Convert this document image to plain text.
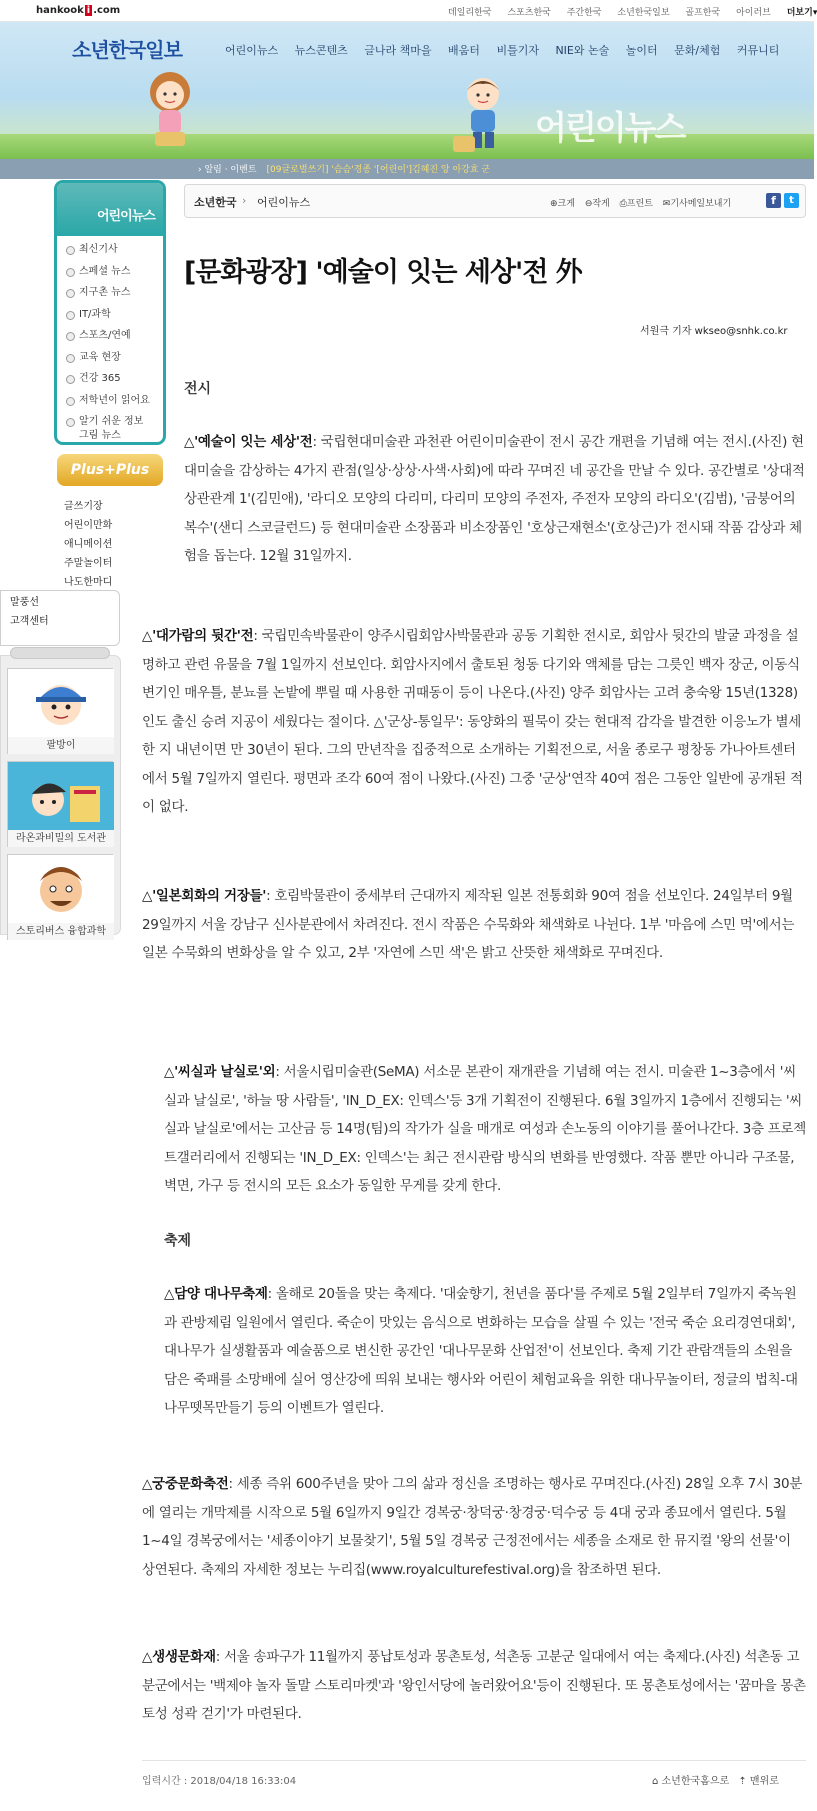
hankook i .com	데일리한국 스포츠한국 주간한국 소년한국일보 골프한국 아이러브 더보기▾
소년한국일보	어린이뉴스 뉴스콘텐츠 글나라 책마을 배움터 비틀기자 NIE와 논술 놀이터 문화/체험 커뮤니티
어린이뉴스
› 알림 · 이벤트 [09글로벌쓰기] '슴슴'경종 '[어린이']김혜진 앙 아강효 군
어린이뉴스
최신기사
스페셜 뉴스
지구촌 뉴스
IT/과학
스포츠/연예
교육 현장
건강 365
저학년이 읽어요
알기 쉬운 정보 그림 뉴스
Plus+Plus
글쓰기장
어린이만화
애니메이션
주말놀이터
나도한마디
말풍선
고객센터
팔방이
라온과비밀의 도서관
스토리버스 융합과학
소년한국 › 어린이뉴스	⊕크게 ⊖작게 ⎙프린트 ✉기사메일보내기	f	t
[문화광장] '예술이 잇는 세상'전 外
서원극 기자 wkseo@snhk.co.kr
전시

△'예술이 잇는 세상'전: 국립현대미술관 과천관 어린이미술관이 전시 공간 개편을 기념해 여는 전시.(사진) 현대미술을 감상하는 4가지 관점(일상·상상·사색·사회)에 따라 꾸며진 네 공간을 만날 수 있다. 공간별로 '상대적 상관관계 1'(김민애), '라디오 모양의 다리미, 다리미 모양의 주전자, 주전자 모양의 라디오'(김범), '금붕어의 복수'(샌디 스코글런드) 등 현대미술관 소장품과 비소장품인 '호상근재현소'(호상근)가 전시돼 작품 감상과 체험을 돕는다. 12월 31일까지.

△'대가람의 뒷간'전: 국립민속박물관이 양주시립회암사박물관과 공동 기획한 전시로, 회암사 뒷간의 발굴 과정을 설명하고 관련 유물을 7월 1일까지 선보인다. 회암사지에서 출토된 청동 다기와 액체를 담는 그릇인 백자 장군, 이동식 변기인 매우틀, 분뇨를 논밭에 뿌릴 때 사용한 귀때동이 등이 나온다.(사진) 양주 회암사는 고려 충숙왕 15년(1328) 인도 출신 승려 지공이 세웠다는 절이다. △'군상-통일무': 동양화의 필묵이 갖는 현대적 감각을 발견한 이응노가 별세한 지 내년이면 만 30년이 된다. 그의 만년작을 집중적으로 소개하는 기획전으로, 서울 종로구 평창동 가나아트센터에서 5월 7일까지 열린다. 평면과 조각 60여 점이 나왔다.(사진) 그중 '군상'연작 40여 점은 그동안 일반에 공개된 적이 없다.

△'일본회화의 거장들': 호림박물관이 중세부터 근대까지 제작된 일본 전통회화 90여 점을 선보인다. 24일부터 9월 29일까지 서울 강남구 신사분관에서 차려진다. 전시 작품은 수묵화와 채색화로 나뉜다. 1부 '마음에 스민 먹'에서는 일본 수묵화의 변화상을 알 수 있고, 2부 '자연에 스민 색'은 밝고 산뜻한 채색화로 꾸며진다.

△'씨실과 날실로'외: 서울시립미술관(SeMA) 서소문 본관이 재개관을 기념해 여는 전시. 미술관 1~3층에서 '씨실과 날실로', '하늘 땅 사람들', 'IN_D_EX: 인덱스'등 3개 기획전이 진행된다. 6월 3일까지 1층에서 진행되는 '씨실과 날실로'에서는 고산금 등 14명(팀)의 작가가 실을 매개로 여성과 손노동의 이야기를 풀어나간다. 3층 프로젝트갤러리에서 진행되는 'IN_D_EX: 인덱스'는 최근 전시관람 방식의 변화를 반영했다. 작품 뿐만 아니라 구조물, 벽면, 가구 등 전시의 모든 요소가 동일한 무게를 갖게 한다.

축제

△담양 대나무축제: 올해로 20돌을 맞는 축제다. '대숲향기, 천년을 품다'를 주제로 5월 2일부터 7일까지 죽녹원과 관방제림 일원에서 열린다. 죽순이 맛있는 음식으로 변화하는 모습을 살필 수 있는 '전국 죽순 요리경연대회', 대나무가 실생활품과 예술품으로 변신한 공간인 '대나무문화 산업전'이 선보인다. 축제 기간 관람객들의 소원을 담은 죽패를 소망배에 실어 영산강에 띄워 보내는 행사와 어린이 체험교육을 위한 대나무놀이터, 정글의 법칙-대나무뗏목만들기 등의 이벤트가 열린다.

△궁중문화축전: 세종 즉위 600주년을 맞아 그의 삶과 정신을 조명하는 행사로 꾸며진다.(사진) 28일 오후 7시 30분에 열리는 개막제를 시작으로 5월 6일까지 9일간 경복궁·창덕궁·창경궁·덕수궁 등 4대 궁과 종묘에서 열린다. 5월 1~4일 경복궁에서는 '세종이야기 보물찾기', 5월 5일 경복궁 근정전에서는 세종을 소재로 한 뮤지컬 '왕의 선물'이 상연된다. 축제의 자세한 정보는 누리집(www.royalculturefestival.org)을 참조하면 된다.

△생생문화재: 서울 송파구가 11월까지 풍납토성과 몽촌토성, 석촌동 고분군 일대에서 여는 축제다.(사진) 석촌동 고분군에서는 '백제야 놀자 돌말 스토리마켓'과 '왕인서당에 놀러왔어요'등이 진행된다. 또 몽촌토성에서는 '꿈마을 몽촌토성 성곽 걷기'가 마련된다.

입력시간 : 2018/04/18 16:33:04	⌂ 소년한국홈으로 ⇡ 맨위로
